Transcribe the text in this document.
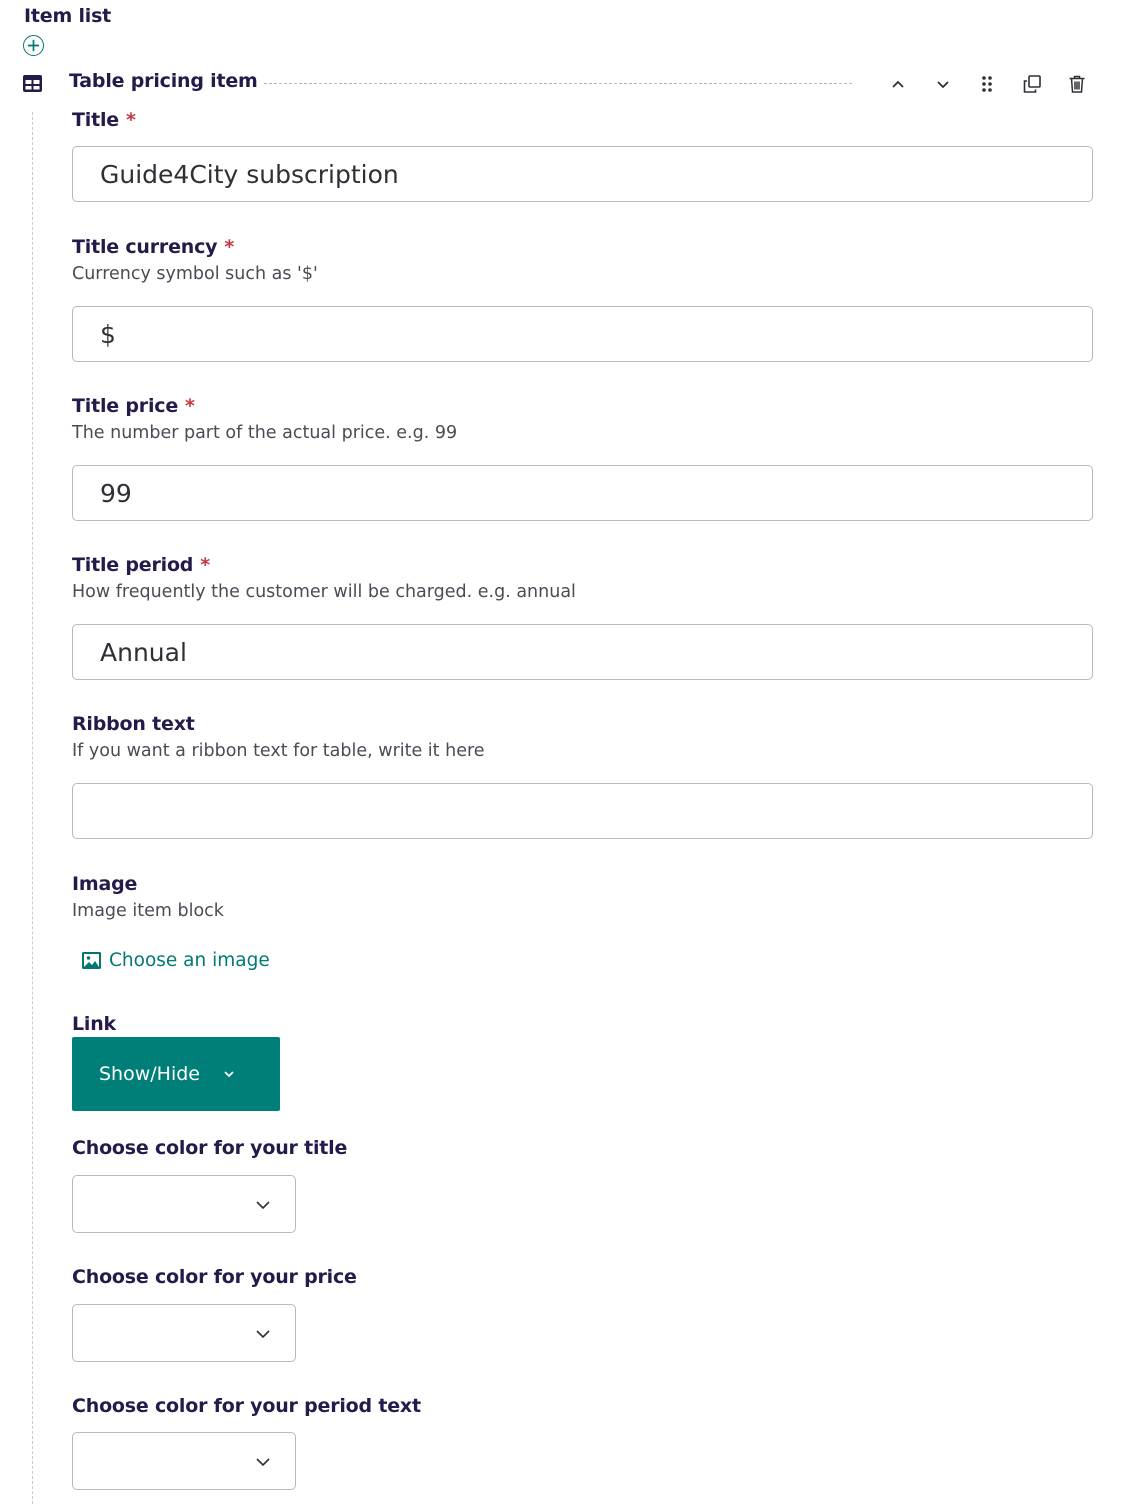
Item list
Table pricing item
Title *
Guide4City subscription
Title currency *
Currency symbol such as '$'
$
Title price *
The number part of the actual price. e.g. 99
99
Title period *
How frequently the customer will be charged. e.g. annual
Annual
Ribbon text
If you want a ribbon text for table, write it here
Image
Image item block
Choose an image
Link
Show/Hide
Choose color for your title
Choose color for your price
Choose color for your period text
